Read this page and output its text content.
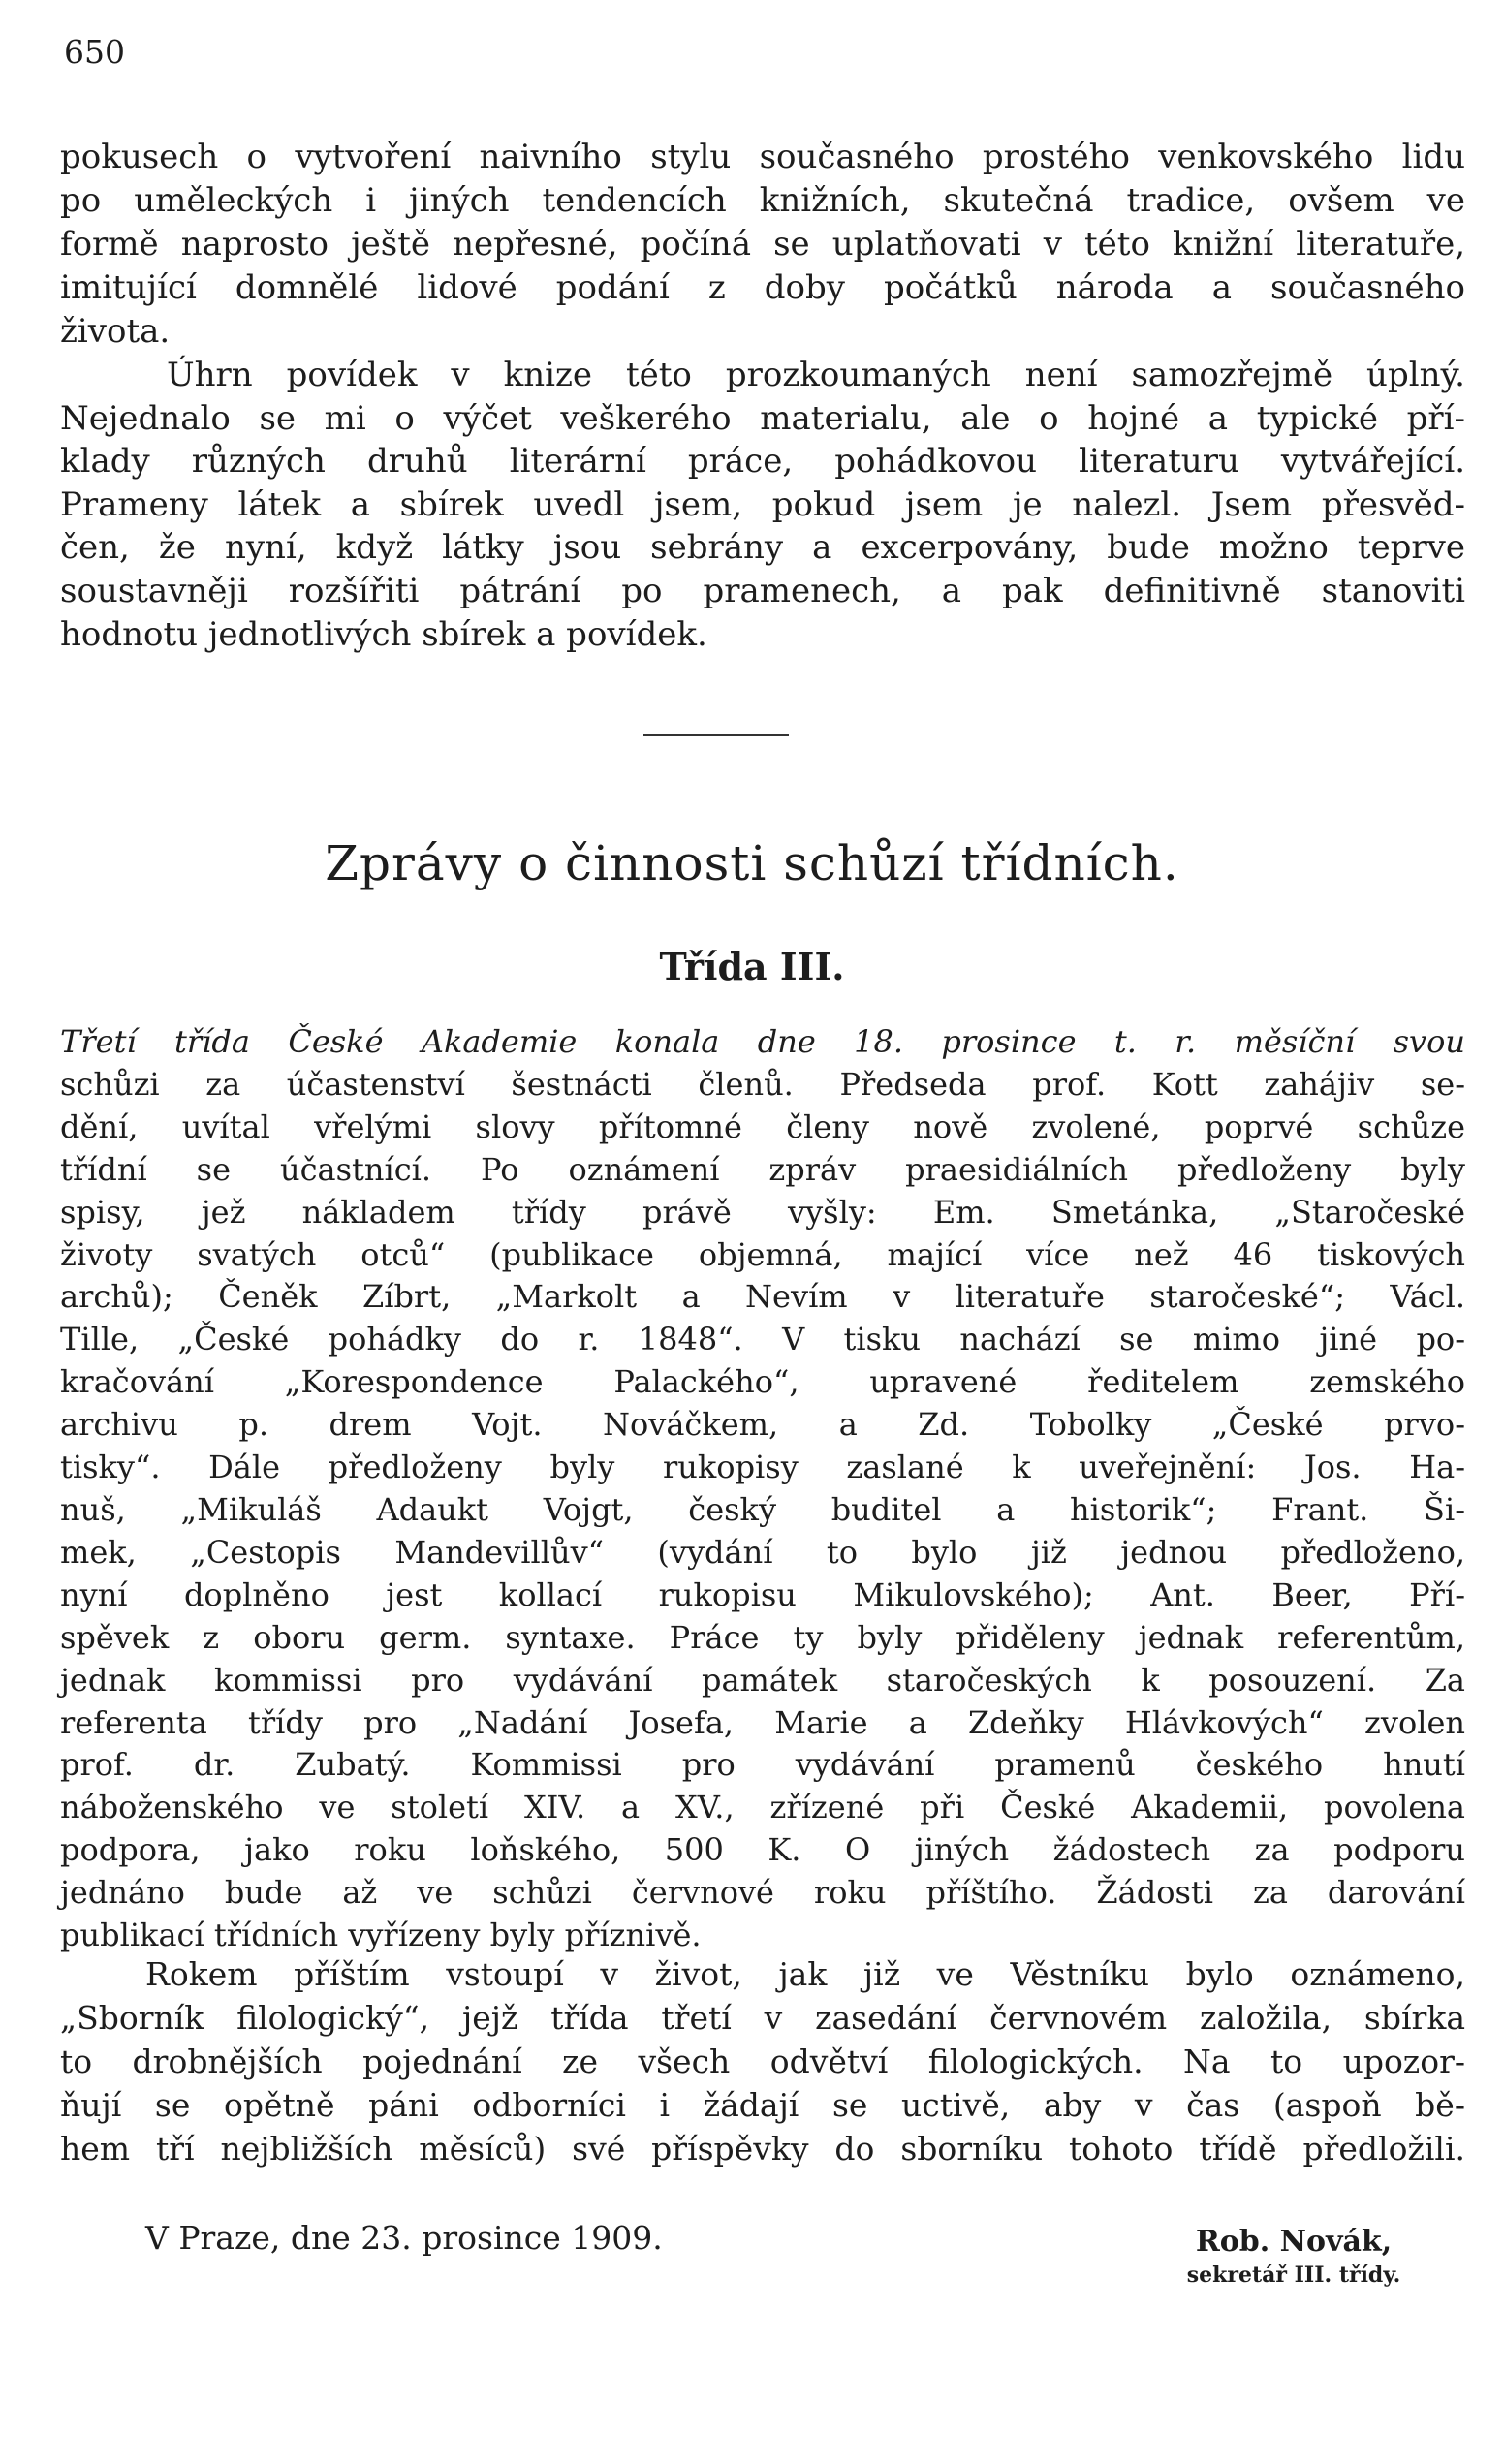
650

pokusech o vytvoření naivního stylu současného prostého venkovského lidu

po uměleckých i jiných tendencích knižních, skutečná tradice, ovšem ve

formě naprosto ještě nepřesné, počíná se uplatňovati v této knižní literatuře,

imitující domnělé lidové podání z doby počátků národa a současného

života.

Úhrn povídek v knize této prozkoumaných není samozřejmě úplný.

Nejednalo se mi o výčet veškerého materialu, ale o hojné a typické pří-

klady různých druhů literární práce, pohádkovou literaturu vytvářející.

Prameny látek a sbírek uvedl jsem, pokud jsem je nalezl. Jsem přesvěd-

čen, že nyní, když látky jsou sebrány a excerpovány, bude možno teprve

soustavněji rozšířiti pátrání po pramenech, a pak definitivně stanoviti

hodnotu jednotlivých sbírek a povídek.

Zprávy o činnosti schůzí třídních.
Třída III.

Třetí třída České Akademie konala dne 18. prosince t. r. měsíční svou

schůzi za účastenství šestnácti členů. Předseda prof. Kott zahájiv se-

dění, uvítal vřelými slovy přítomné členy nově zvolené, poprvé schůze

třídní se účastnící. Po oznámení zpráv praesidiálních předloženy byly

spisy, jež nákladem třídy právě vyšly: Em. Smetánka, „Staročeské

životy svatých otců“ (publikace objemná, mající více než 46 tiskových

archů); Čeněk Zíbrt, „Markolt a Nevím v literatuře staročeské“; Václ.

Tille, „České pohádky do r. 1848“. V tisku nachází se mimo jiné po-

kračování „Korespondence Palackého“, upravené ředitelem zemského

archivu p. drem Vojt. Nováčkem, a Zd. Tobolky „České prvo-

tisky“. Dále předloženy byly rukopisy zaslané k uveřejnění: Jos. Ha-

nuš, „Mikuláš Adaukt Vojgt, český buditel a historik“; Frant. Ši-

mek, „Cestopis Mandevillův“ (vydání to bylo již jednou předloženo,

nyní doplněno jest kollací rukopisu Mikulovského); Ant. Beer, Pří-

spěvek z oboru germ. syntaxe. Práce ty byly přiděleny jednak referentům,

jednak kommissi pro vydávání památek staročeských k posouzení. Za

referenta třídy pro „Nadání Josefa, Marie a Zdeňky Hlávkových“ zvolen

prof. dr. Zubatý. Kommissi pro vydávání pramenů českého hnutí

náboženského ve století XIV. a XV., zřízené při České Akademii, povolena

podpora, jako roku loňského, 500 K. O jiných žádostech za podporu

jednáno bude až ve schůzi červnové roku příštího. Žádosti za darování

publikací třídních vyřízeny byly příznivě.

Rokem příštím vstoupí v život, jak již ve Věstníku bylo oznámeno,

„Sborník filologický“, jejž třída třetí v zasedání červnovém založila, sbírka

to drobnějších pojednání ze všech odvětví filologických. Na to upozor-

ňují se opětně páni odborníci i žádají se uctivě, aby v čas (aspoň bě-

hem tří nejbližších měsíců) své příspěvky do sborníku tohoto třídě předložili.

V Praze, dne 23. prosince 1909.	Rob. Novák,
sekretář III. třídy.
